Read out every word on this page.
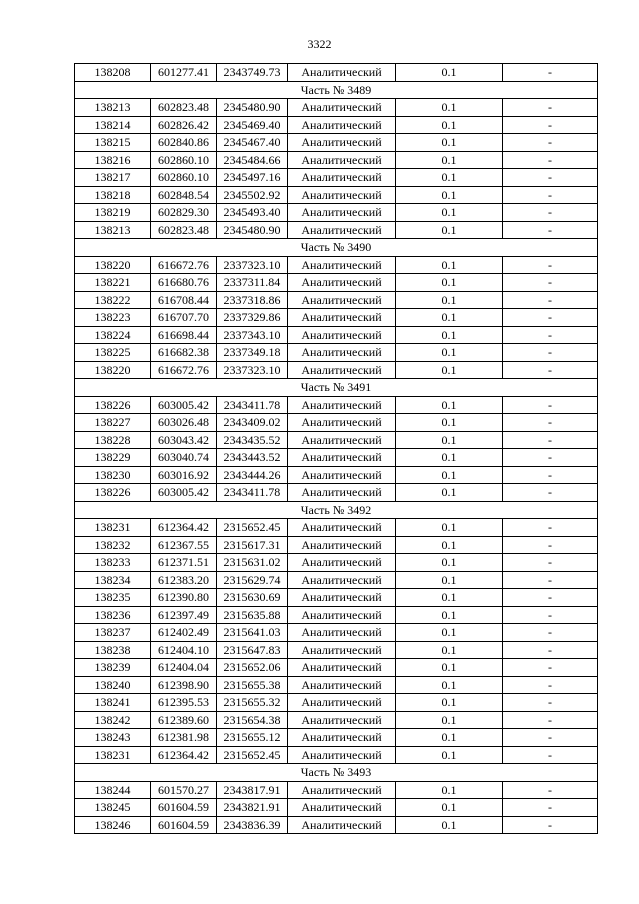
3322
138208	601277.41	2343749.73	Аналитический	0.1	-
Часть № 3489					
138213	602823.48	2345480.90	Аналитический	0.1	-
138214	602826.42	2345469.40	Аналитический	0.1	-
138215	602840.86	2345467.40	Аналитический	0.1	-
138216	602860.10	2345484.66	Аналитический	0.1	-
138217	602860.10	2345497.16	Аналитический	0.1	-
138218	602848.54	2345502.92	Аналитический	0.1	-
138219	602829.30	2345493.40	Аналитический	0.1	-
138213	602823.48	2345480.90	Аналитический	0.1	-
Часть № 3490					
138220	616672.76	2337323.10	Аналитический	0.1	-
138221	616680.76	2337311.84	Аналитический	0.1	-
138222	616708.44	2337318.86	Аналитический	0.1	-
138223	616707.70	2337329.86	Аналитический	0.1	-
138224	616698.44	2337343.10	Аналитический	0.1	-
138225	616682.38	2337349.18	Аналитический	0.1	-
138220	616672.76	2337323.10	Аналитический	0.1	-
Часть № 3491					
138226	603005.42	2343411.78	Аналитический	0.1	-
138227	603026.48	2343409.02	Аналитический	0.1	-
138228	603043.42	2343435.52	Аналитический	0.1	-
138229	603040.74	2343443.52	Аналитический	0.1	-
138230	603016.92	2343444.26	Аналитический	0.1	-
138226	603005.42	2343411.78	Аналитический	0.1	-
Часть № 3492					
138231	612364.42	2315652.45	Аналитический	0.1	-
138232	612367.55	2315617.31	Аналитический	0.1	-
138233	612371.51	2315631.02	Аналитический	0.1	-
138234	612383.20	2315629.74	Аналитический	0.1	-
138235	612390.80	2315630.69	Аналитический	0.1	-
138236	612397.49	2315635.88	Аналитический	0.1	-
138237	612402.49	2315641.03	Аналитический	0.1	-
138238	612404.10	2315647.83	Аналитический	0.1	-
138239	612404.04	2315652.06	Аналитический	0.1	-
138240	612398.90	2315655.38	Аналитический	0.1	-
138241	612395.53	2315655.32	Аналитический	0.1	-
138242	612389.60	2315654.38	Аналитический	0.1	-
138243	612381.98	2315655.12	Аналитический	0.1	-
138231	612364.42	2315652.45	Аналитический	0.1	-
Часть № 3493					
138244	601570.27	2343817.91	Аналитический	0.1	-
138245	601604.59	2343821.91	Аналитический	0.1	-
138246	601604.59	2343836.39	Аналитический	0.1	-
